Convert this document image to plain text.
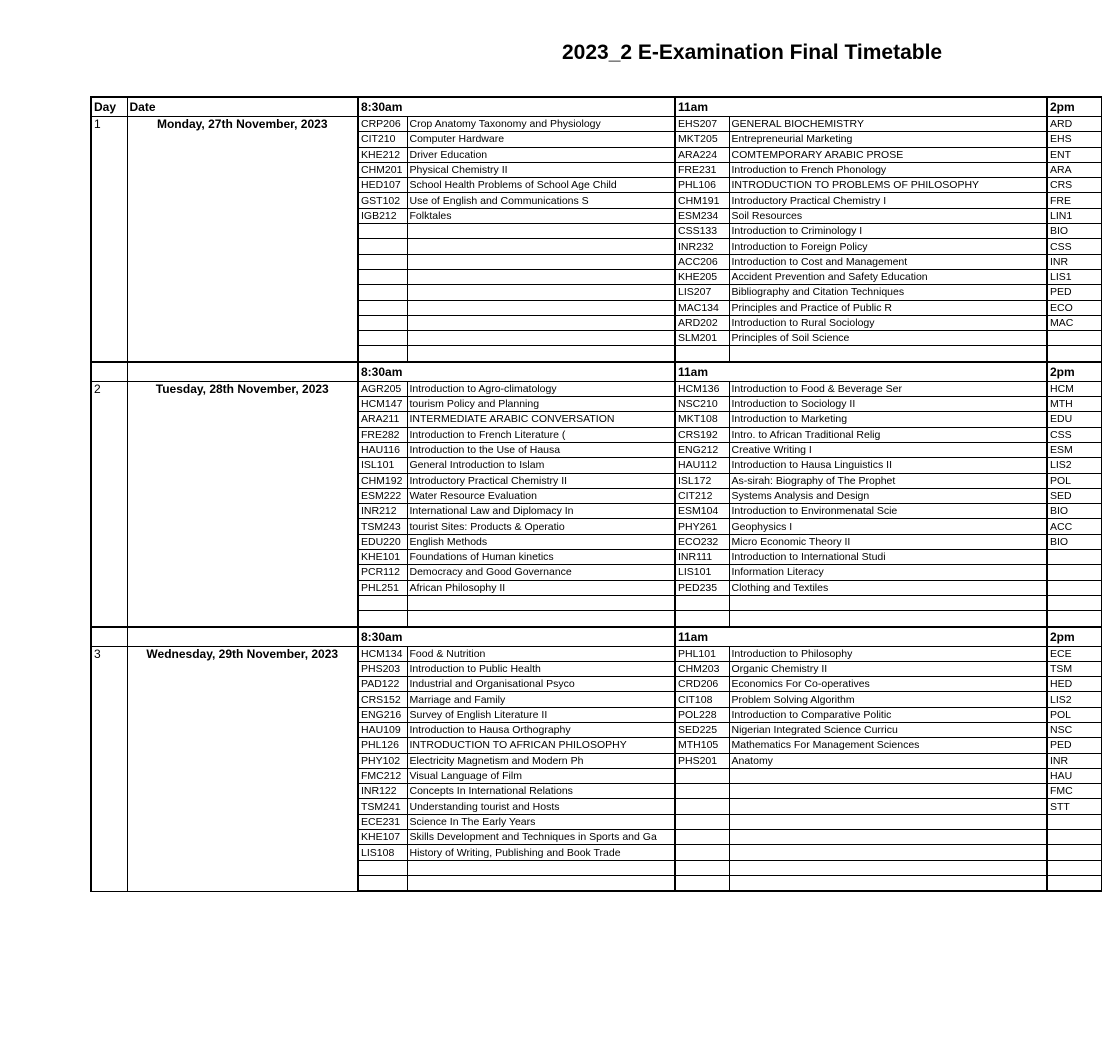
2023_2 E-Examination Final Timetable
Day	Date	8:30am		11am		2pm
1	Monday, 27th November, 2023	CRP206	Crop Anatomy Taxonomy and Physiology	EHS207	GENERAL BIOCHEMISTRY	ARD
		CIT210	Computer Hardware	MKT205	Entrepreneurial Marketing	EHS
		KHE212	Driver Education	ARA224	COMTEMPORARY ARABIC PROSE	ENT
		CHM201	Physical Chemistry II	FRE231	Introduction to French Phonology	ARA
		HED107	School Health Problems of School Age Child	PHL106	INTRODUCTION TO PROBLEMS OF PHILOSOPHY	CRS
		GST102	Use of English and Communications S	CHM191	Introductory Practical Chemistry I	FRE
		IGB212	Folktales	ESM234	Soil Resources	LIN1
				CSS133	Introduction to Criminology I	BIO
				INR232	Introduction to Foreign Policy	CSS
				ACC206	Introduction to Cost and Management	INR
				KHE205	Accident Prevention and Safety Education	LIS1
				LIS207	Bibliography and Citation Techniques	PED
				MAC134	Principles and Practice of Public R	ECO
				ARD202	Introduction to Rural Sociology	MAC
				SLM201	Principles of Soil Science	

		8:30am		11am		2pm
2	Tuesday, 28th November, 2023	AGR205	Introduction to Agro-climatology	HCM136	Introduction to Food & Beverage Ser	HCM
		HCM147	tourism Policy and Planning	NSC210	Introduction to Sociology II	MTH
		ARA211	INTERMEDIATE ARABIC CONVERSATION	MKT108	Introduction to Marketing	EDU
		FRE282	Introduction to French Literature (	CRS192	Intro. to African Traditional Relig	CSS
		HAU116	Introduction to the Use of Hausa	ENG212	Creative Writing I	ESM
		ISL101	General Introduction to Islam	HAU112	Introduction to Hausa Linguistics II	LIS2
		CHM192	Introductory Practical Chemistry II	ISL172	As-sirah: Biography of The Prophet	POL
		ESM222	Water Resource Evaluation	CIT212	Systems Analysis and Design	SED
		INR212	International Law and Diplomacy In	ESM104	Introduction to Environmenatal Scie	BIO
		TSM243	tourist Sites: Products & Operatio	PHY261	Geophysics I	ACC
		EDU220	English Methods	ECO232	Micro Economic Theory II	BIO
		KHE101	Foundations of Human kinetics	INR111	Introduction to International Studi	
		PCR112	Democracy and Good Governance	LIS101	Information Literacy	
		PHL251	African Philosophy II	PED235	Clothing and Textiles	

		8:30am		11am		2pm
3	Wednesday, 29th November, 2023	HCM134	Food & Nutrition	PHL101	Introduction to Philosophy	ECE
		PHS203	Introduction to Public Health	CHM203	Organic Chemistry II	TSM
		PAD122	Industrial and Organisational Psyco	CRD206	Economics For Co-operatives	HED
		CRS152	Marriage and Family	CIT108	Problem Solving Algorithm	LIS2
		ENG216	Survey of English Literature II	POL228	Introduction to Comparative Politic	POL
		HAU109	Introduction to Hausa Orthography	SED225	Nigerian Integrated Science Curricu	NSC
		PHL126	INTRODUCTION TO AFRICAN PHILOSOPHY	MTH105	Mathematics For Management Sciences	PED
		PHY102	Electricity Magnetism and Modern Ph	PHS201	Anatomy	INR
		FMC212	Visual Language of Film			HAU
		INR122	Concepts In International Relations			FMC
		TSM241	Understanding tourist and Hosts			STT
		ECE231	Science In The Early Years			
		KHE107	Skills Development and Techniques in Sports and Ga			
		LIS108	History of Writing, Publishing and Book Trade			
